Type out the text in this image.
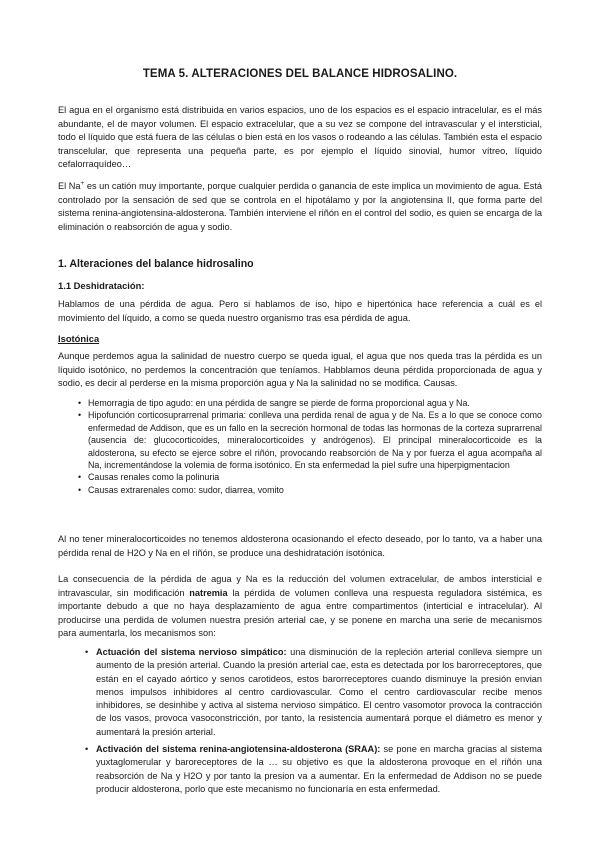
TEMA 5. ALTERACIONES DEL BALANCE HIDROSALINO.

El agua en el organismo está distribuida en varios espacios, uno de los espacios es el espacio intracelular, es el más abundante, el de mayor volumen. El espacio extracelular, que a su vez se compone del intravascular y el intersticial, todo el líquido que está fuera de las células o bien está en los vasos o rodeando a las células. También esta el espacio transcelular, que representa una pequeña parte, es por ejemplo el líquido sinovial, humor vítreo, líquido cefalorraquídeo…

El Na+ es un catión muy importante, porque cualquier perdida o ganancia de este implica un movimiento de agua. Está controlado por la sensación de sed que se controla en el hipotálamo y por la angiotensina II, que forma parte del sistema renina-angiotensina-aldosterona. También interviene el riñón en el control del sodio, es quien se encarga de la eliminación o reabsorción de agua y sodio.

1. Alteraciones del balance hidrosalino
1.1 Deshidratación:

Hablamos de una pérdida de agua. Pero si hablamos de iso, hipo e hipertónica hace referencia a cuál es el movimiento del líquido, a como se queda nuestro organismo tras esa pérdida de agua.

Isotónica

Aunque perdemos agua la salinidad de nuestro cuerpo se queda igual, el agua que nos queda tras la pérdida es un líquido isotónico, no perdemos la concentración que teníamos. Habblamos deuna pérdida proporcionada de agua y sodio, es decir al perderse en la misma proporción agua y Na la salinidad no se modifica. Causas.

• Hemorragia de tipo agudo: en una pérdida de sangre se pierde de forma proporcional agua y Na.
• Hipofunción corticosuprarrenal primaria: conlleva una perdida renal de agua y de Na. Es a lo que se conoce como enfermedad de Addison, que es un fallo en la secreción hormonal de todas las hormonas de la corteza suprarrenal (ausencia de: glucocorticoides, mineralocorticoides y andrógenos). El principal mineralocorticoide es la aldosterona, su efecto se ejerce sobre el riñón, provocando reabsorción de Na y por fuerza el agua acompaña al Na, incrementándose la volemia de forma isotónico. En sta enfermedad la piel sufre una hiperpigmentacion
• Causas renales como la polinuria
• Causas extrarenales como: sudor, diarrea, vomito

Al no tener mineralocorticoides no tenemos aldosterona ocasionando el efecto deseado, por lo tanto, va a haber una pérdida renal de H2O y Na en el riñón, se produce una deshidratación isotónica.

La consecuencia de la pérdida de agua y Na es la reducción del volumen extracelular, de ambos intersticial e intravascular, sin modificación natremia la pérdida de volumen conlleva una respuesta reguladora sistémica, es importante debudo a que no haya desplazamiento de agua entre compartimentos (interticial e intracelular). Al producirse una perdida de volumen nuestra presión arterial cae, y se ponene en marcha una serie de mecanismos para aumentarla, los mecanismos son:

• Actuación del sistema nervioso simpático: una disminución de la repleción arterial conlleva siempre un aumento de la presión arterial. Cuando la presión arterial cae, esta es detectada por los barorreceptores, que están en el cayado aórtico y senos carotideos, estos barorreceptores cuando disminuye la presión envian menos impulsos inhibidores al centro cardiovascular. Como el centro cardiovascular recibe menos inhibidores, se desinhibe y activa al sistema nervioso simpático. El centro vasomotor provoca la contracción de los vasos, provoca vasoconstricción, por tanto, la resistencia aumentará porque el diámetro es menor y aumentará la presión arterial.
• Activación del sistema renina-angiotensina-aldosterona (SRAA): se pone en marcha gracias al sistema yuxtaglomerular y baroreceptores de la … su objetivo es que la aldosterona provoque en el riñón una reabsorción de Na y H2O y por tanto la presion va a aumentar. En la enfermedad de Addison no se puede producir aldosterona, porlo que este mecanismo no funcionaría en esta enfermedad.
